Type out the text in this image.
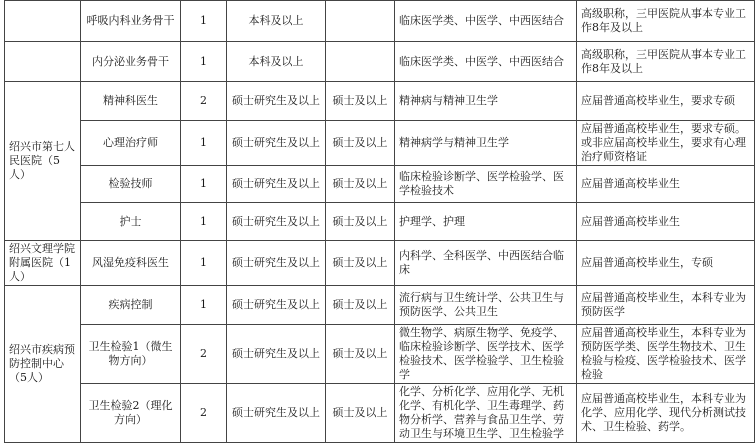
	呼吸内科业务骨干	1	本科及以上		临床医学类、中医学、中西医结合	高级职称，三甲医院从事本专业工作8年及以上
	内分泌业务骨干	1	本科及以上		临床医学类、中医学、中西医结合	高级职称，三甲医院从事本专业工作8年及以上
绍兴市第七人民医院（5人）	精神科医生	2	硕士研究生及以上	硕士及以上	精神病与精神卫生学	应届普通高校毕业生，要求专硕
	心理治疗师	1	硕士研究生及以上	硕士及以上	精神病学与精神卫生学	应届普通高校毕业生，要求专硕。或非应届高校毕业生，要求有心理治疗师资格证
	检验技师	1	硕士研究生及以上	硕士及以上	临床检验诊断学、医学检验学、医学检验技术	应届普通高校毕业生
	护士	1	硕士研究生及以上	硕士及以上	护理学、护理	应届普通高校毕业生
绍兴文理学院附属医院（1人）	风湿免疫科医生	1	硕士研究生及以上	硕士及以上	内科学、全科医学、中西医结合临床	应届普通高校毕业生，专硕
绍兴市疾病预防控制中心（5人）	疾病控制	1	硕士研究生及以上	硕士及以上	流行病与卫生统计学、公共卫生与预防医学、公共卫生	应届普通高校毕业生，本科专业为预防医学
	卫生检验1（微生物方向）	2	硕士研究生及以上	硕士及以上	微生物学、病原生物学、免疫学、临床检验诊断学、医学技术、医学检验技术、医学检验学、卫生检验学	应届普通高校毕业生，本科专业为预防医学类、医学生物技术、卫生检验与检疫、医学检验技术、医学检验
	卫生检验2（理化方向）	2	硕士研究生及以上	硕士及以上	化学、分析化学、应用化学、无机化学、有机化学、卫生毒理学、药物分析学、营养与食品卫生学、劳动卫生与环境卫生学、卫生检验学	应届普通高校毕业生，本科专业为化学、应用化学、现代分析测试技术、卫生检验、药学。
